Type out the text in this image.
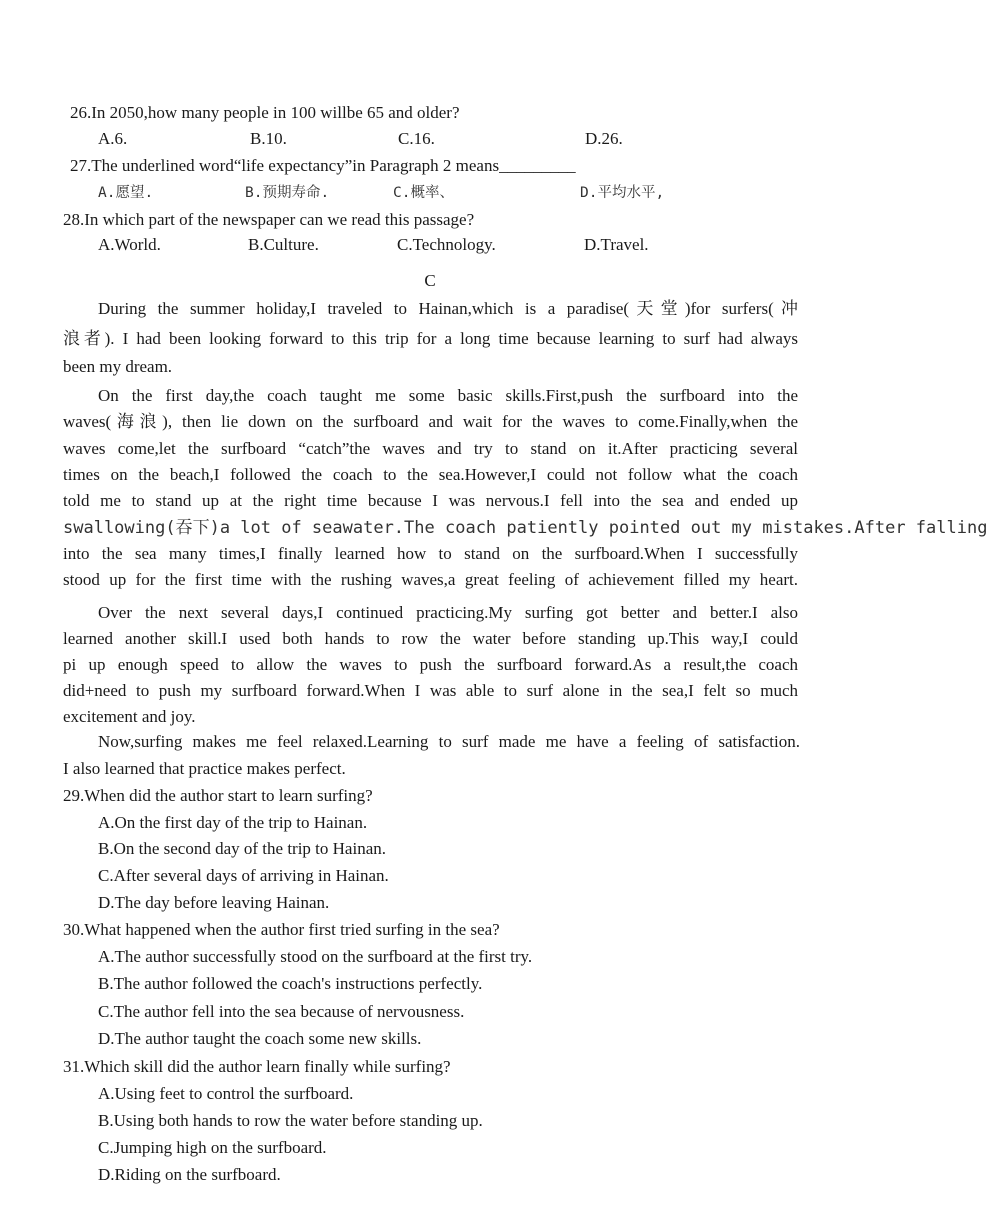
26.In 2050,how many people in 100 willbe 65 and older?
A.6.	B.10.	C.16.	D.26.
27.The underlined word“life expectancy”in Paragraph 2 means_________
A.愿望.	B.预期寿命.	C.概率、	D.平均水平,
28.In which part of the newspaper can we read this passage?
A.World.	B.Culture.	C.Technology.	D.Travel.
C
During the summer holiday,I traveled to Hainan,which is a paradise(天堂)for surfers(冲
浪者). I had been looking forward to this trip for a long time because learning to surf had always
been my dream.
On the first day,the coach taught me some basic skills.First,push the surfboard into the
waves(海浪), then lie down on the surfboard and wait for the waves to come.Finally,when the
waves come,let the surfboard “catch”the waves and try to stand on it.After practicing several
times on the beach,I followed the coach to the sea.However,I could not follow what the coach
told me to stand up at the right time because I was nervous.I fell into the sea and ended up
swallowing(吞下)a lot of seawater.The coach patiently pointed out my mistakes.After falling
into the sea many times,I finally learned how to stand on the surfboard.When I successfully
stood up for the first time with the rushing waves,a great feeling of achievement filled my heart.
Over the next several days,I continued practicing.My surfing got better and better.I also
learned another skill.I used both hands to row the water before standing up.This way,I could
pi up enough speed to allow the waves to push the surfboard forward.As a result,the coach
did+need to push my surfboard forward.When I was able to surf alone in the sea,I felt so much
excitement and joy.
Now,surfing makes me feel relaxed.Learning to surf made me have a feeling of satisfaction.
I also learned that practice makes perfect.
29.When did the author start to learn surfing?
A.On the first day of the trip to Hainan.
B.On the second day of the trip to Hainan.
C.After several days of arriving in Hainan.
D.The day before leaving Hainan.
30.What happened when the author first tried surfing in the sea?
A.The author successfully stood on the surfboard at the first try.
B.The author followed the coach's instructions perfectly.
C.The author fell into the sea because of nervousness.
D.The author taught the coach some new skills.
31.Which skill did the author learn finally while surfing?
A.Using feet to control the surfboard.
B.Using both hands to row the water before standing up.
C.Jumping high on the surfboard.
D.Riding on the surfboard.
